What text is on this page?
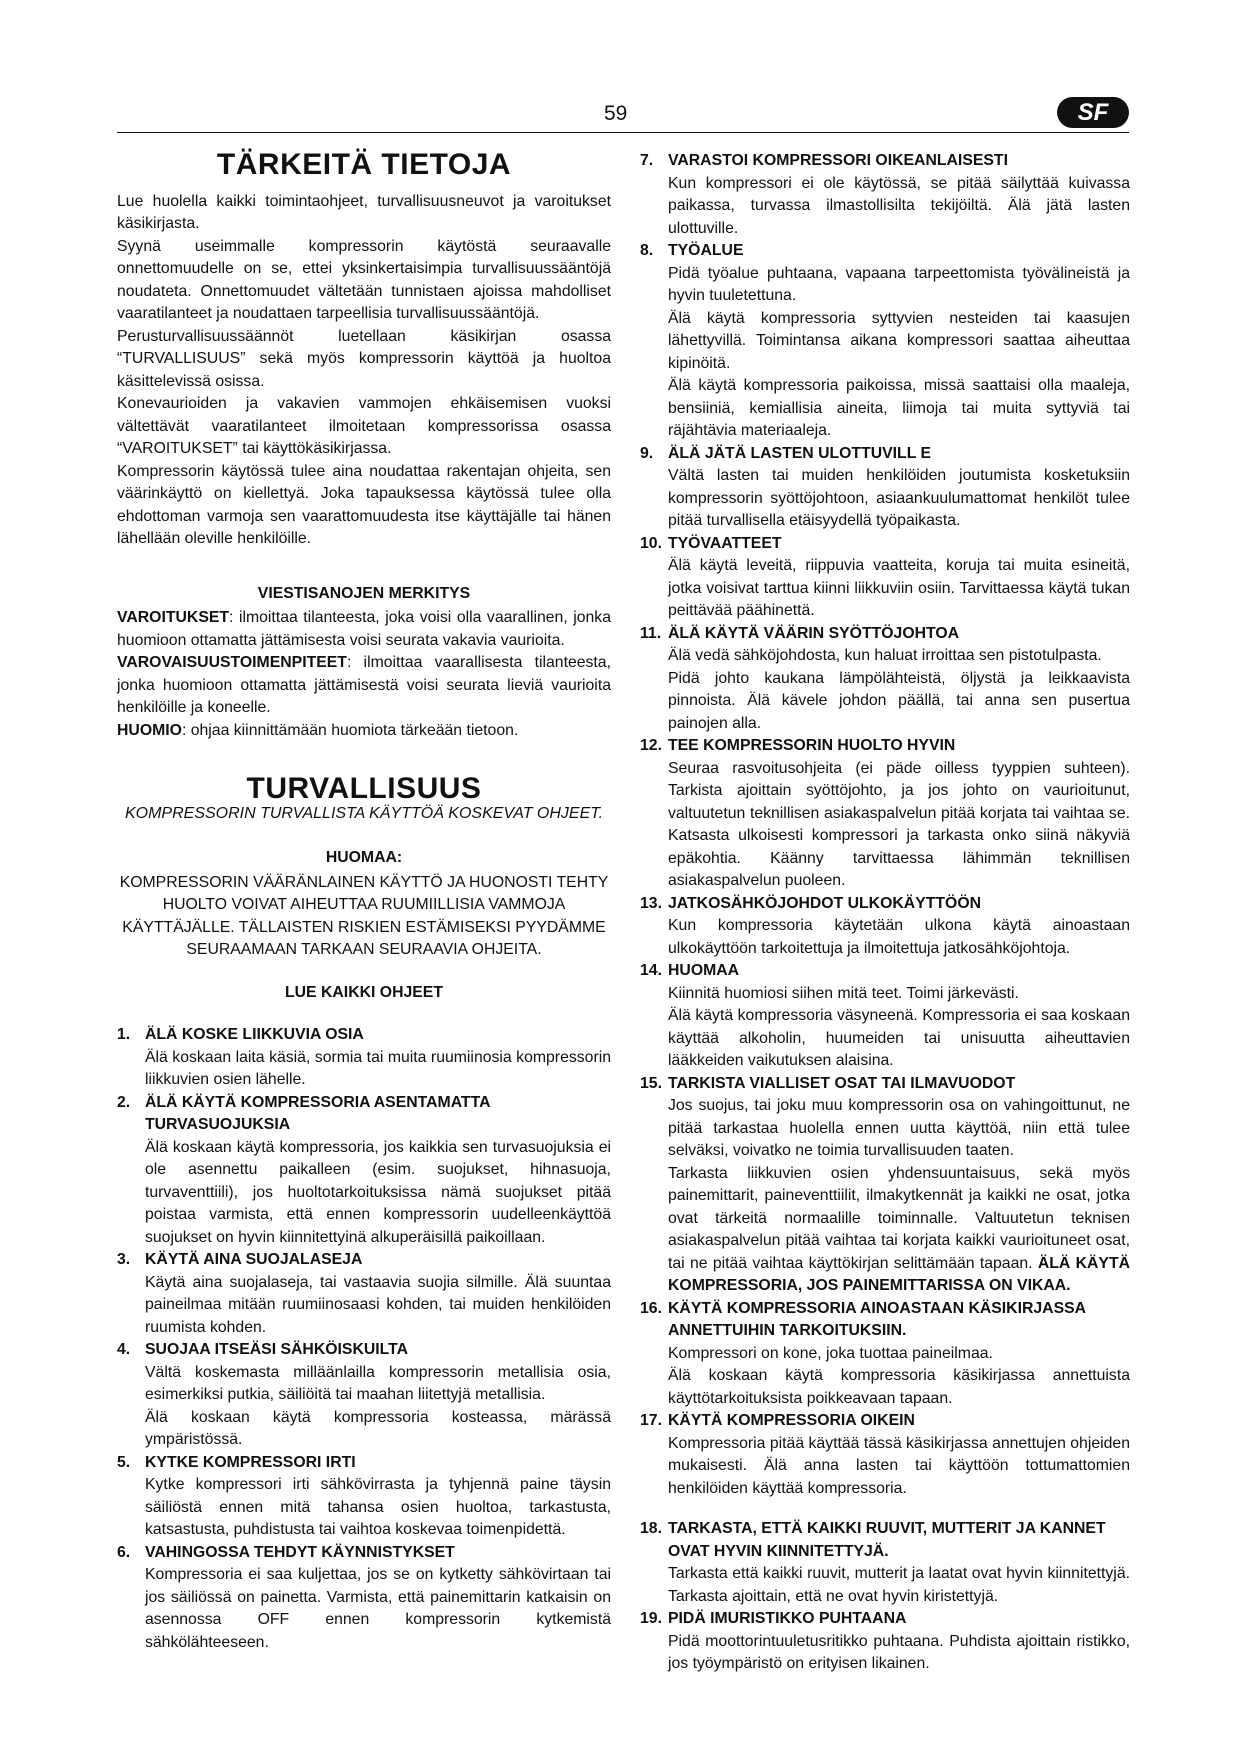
59	SF
TÄRKEITÄ TIETOJA

Lue huolella kaikki toimintaohjeet, turvallisuusneuvot ja varoitukset käsikirjasta.

Syynä useimmalle kompressorin käytöstä seuraavalle onnettomuudelle on se, ettei yksinkertaisimpia turvallisuussääntöjä noudateta. Onnettomuudet vältetään tunnistaen ajoissa mahdolliset vaaratilanteet ja noudattaen tarpeellisia turvallisuussääntöjä.

Perusturvallisuussäännöt luetellaan käsikirjan osassa “TURVALLISUUS” sekä myös kompressorin käyttöä ja huoltoa käsittelevissä osissa.

Konevaurioiden ja vakavien vammojen ehkäisemisen vuoksi vältettävät vaaratilanteet ilmoitetaan kompressorissa osassa “VAROITUKSET” tai käyttökäsikirjassa.

Kompressorin käytössä tulee aina noudattaa rakentajan ohjeita, sen väärinkäyttö on kiellettyä. Joka tapauksessa käytössä tulee olla ehdottoman varmoja sen vaarattomuudesta itse käyttäjälle tai hänen lähellään oleville henkilöille.

VIESTISANOJEN MERKITYS

VAROITUKSET: ilmoittaa tilanteesta, joka voisi olla vaarallinen, jonka huomioon ottamatta jättämisesta voisi seurata vakavia vaurioita.

VAROVAISUUSTOIMENPITEET: ilmoittaa vaarallisesta tilanteesta, jonka huomioon ottamatta jättämisestä voisi seurata lieviä vaurioita henkilöille ja koneelle.

HUOMIO: ohjaa kiinnittämään huomiota tärkeään tietoon.

TURVALLISUUS
KOMPRESSORIN TURVALLISTA KÄYTTÖÄ KOSKEVAT OHJEET.
HUOMAA:
KOMPRESSORIN VÄÄRÄNLAINEN KÄYTTÖ JA HUONOSTI TEHTY
HUOLTO VOIVAT AIHEUTTAA RUUMIILLISIA VAMMOJA
KÄYTTÄJÄLLE. TÄLLAISTEN RISKIEN ESTÄMISEKSI PYYDÄMME
SEURAAMAAN TARKAAN SEURAAVIA OHJEITA.
LUE KAIKKI OHJEET
1. ÄLÄ KOSKE LIIKKUVIA OSIA

Älä koskaan laita käsiä, sormia tai muita ruumiinosia kompressorin liikkuvien osien lähelle.

2. ÄLÄ KÄYTÄ KOMPRESSORIA ASENTAMATTA TURVASUOJUKSIA

Älä koskaan käytä kompressoria, jos kaikkia sen turvasuojuksia ei ole asennettu paikalleen (esim. suojukset, hihnasuoja, turvaventtiili), jos huoltotarkoituksissa nämä suojukset pitää poistaa varmista, että ennen kompressorin uudelleenkäyttöä suojukset on hyvin kiinnitettyinä alkuperäisillä paikoillaan.

3. KÄYTÄ AINA SUOJALASEJA

Käytä aina suojalaseja, tai vastaavia suojia silmille. Älä suuntaa paineilmaa mitään ruumiinosaasi kohden, tai muiden henkilöiden ruumista kohden.

4. SUOJAA ITSEÄSI SÄHKÖISKUILTA

Vältä koskemasta milläänlailla kompressorin metallisia osia, esimerkiksi putkia, säiliöitä tai maahan liitettyjä metallisia.

Älä koskaan käytä kompressoria kosteassa, märässä ympäristössä.

5. KYTKE KOMPRESSORI IRTI

Kytke kompressori irti sähkövirrasta ja tyhjennä paine täysin säiliöstä ennen mitä tahansa osien huoltoa, tarkastusta, katsastusta, puhdistusta tai vaihtoa koskevaa toimenpidettä.

6. VAHINGOSSA TEHDYT KÄYNNISTYKSET

Kompressoria ei saa kuljettaa, jos se on kytketty sähkövirtaan tai jos säiliössä on painetta. Varmista, että painemittarin katkaisin on asennossa OFF ennen kompressorin kytkemistä sähkölähteeseen.

7. VARASTOI KOMPRESSORI OIKEANLAISESTI

Kun kompressori ei ole käytössä, se pitää säilyttää kuivassa paikassa, turvassa ilmastollisilta tekijöiltä. Älä jätä lasten ulottuville.

8. TYÖALUE

Pidä työalue puhtaana, vapaana tarpeettomista työvälineistä ja hyvin tuuletettuna.

Älä käytä kompressoria syttyvien nesteiden tai kaasujen lähettyvillä. Toimintansa aikana kompressori saattaa aiheuttaa kipinöitä.

Älä käytä kompressoria paikoissa, missä saattaisi olla maaleja, bensiiniä, kemiallisia aineita, liimoja tai muita syttyviä tai räjähtävia materiaaleja.

9. ÄLÄ JÄTÄ LASTEN ULOTTUVILL E

Vältä lasten tai muiden henkilöiden joutumista kosketuksiin kompressorin syöttöjohtoon, asiaankuulumattomat henkilöt tulee pitää turvallisella etäisyydellä työpaikasta.

10. TYÖVAATTEET

Älä käytä leveitä, riippuvia vaatteita, koruja tai muita esineitä, jotka voisivat tarttua kiinni liikkuviin osiin. Tarvittaessa käytä tukan peittävää päähinettä.

11. ÄLÄ KÄYTÄ VÄÄRIN SYÖTTÖJOHTOA

Älä vedä sähköjohdosta, kun haluat irroittaa sen pistotulpasta.

Pidä johto kaukana lämpölähteistä, öljystä ja leikkaavista pinnoista. Älä kävele johdon päällä, tai anna sen pusertua painojen alla.

12. TEE KOMPRESSORIN HUOLTO HYVIN

Seuraa rasvoitusohjeita (ei päde oilless tyyppien suhteen). Tarkista ajoittain syöttöjohto, ja jos johto on vaurioitunut, valtuutetun teknillisen asiakaspalvelun pitää korjata tai vaihtaa se. Katsasta ulkoisesti kompressori ja tarkasta onko siinä näkyviä epäkohtia. Käänny tarvittaessa lähimmän teknillisen asiakaspalvelun puoleen.

13. JATKOSÄHKÖJOHDOT ULKOKÄYTTÖÖN

Kun kompressoria käytetään ulkona käytä ainoastaan ulkokäyttöön tarkoitettuja ja ilmoitettuja jatkosähköjohtoja.

14. HUOMAA

Kiinnitä huomiosi siihen mitä teet. Toimi järkevästi.

Älä käytä kompressoria väsyneenä. Kompressoria ei saa koskaan käyttää alkoholin, huumeiden tai unisuutta aiheuttavien lääkkeiden vaikutuksen alaisina.

15. TARKISTA VIALLISET OSAT TAI ILMAVUODOT

Jos suojus, tai joku muu kompressorin osa on vahingoittunut, ne pitää tarkastaa huolella ennen uutta käyttöä, niin että tulee selväksi, voivatko ne toimia turvallisuuden taaten.

Tarkasta liikkuvien osien yhdensuuntaisuus, sekä myös painemittarit, paineventtiilit, ilmakytkennät ja kaikki ne osat, jotka ovat tärkeitä normaalille toiminnalle. Valtuutetun teknisen asiakaspalvelun pitää vaihtaa tai korjata kaikki vaurioituneet osat, tai ne pitää vaihtaa käyttökirjan selittämään tapaan. ÄLÄ KÄYTÄ KOMPRESSORIA, JOS PAINEMITTARISSA ON VIKAA.

16. KÄYTÄ KOMPRESSORIA AINOASTAAN KÄSIKIRJASSA ANNETTUIHIN TARKOITUKSIIN.

Kompressori on kone, joka tuottaa paineilmaa.

Älä koskaan käytä kompressoria käsikirjassa annettuista käyttötarkoituksista poikkeavaan tapaan.

17. KÄYTÄ KOMPRESSORIA OIKEIN

Kompressoria pitää käyttää tässä käsikirjassa annettujen ohjeiden mukaisesti. Älä anna lasten tai käyttöön tottumattomien henkilöiden käyttää kompressoria.

18. TARKASTA, ETTÄ KAIKKI RUUVIT, MUTTERIT JA KANNET OVAT HYVIN KIINNITETTYJÄ.

Tarkasta että kaikki ruuvit, mutterit ja laatat ovat hyvin kiinnitettyjä. Tarkasta ajoittain, että ne ovat hyvin kiristettyjä.

19. PIDÄ IMURISTIKKO PUHTAANA

Pidä moottorintuuletusritikko puhtaana. Puhdista ajoittain ristikko, jos työympäristö on erityisen likainen.
